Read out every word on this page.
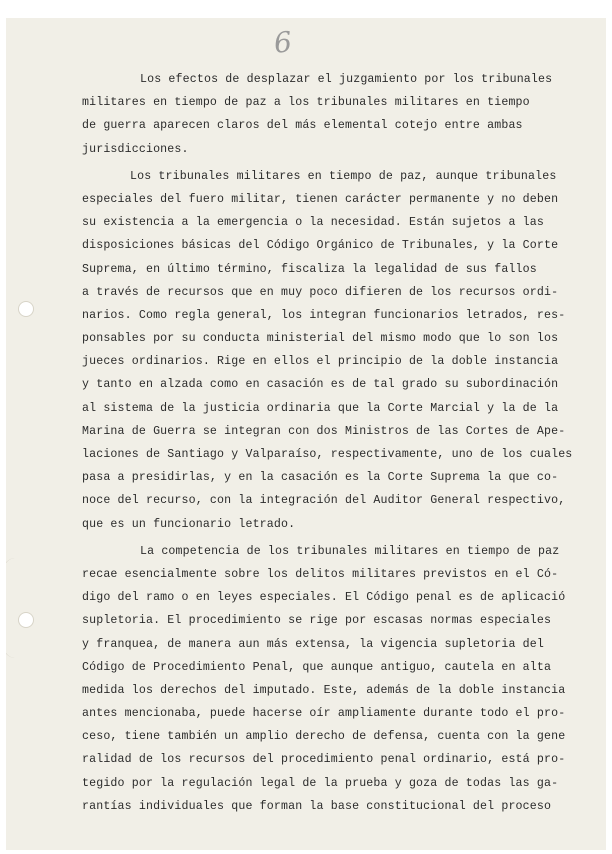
6
Los efectos de desplazar el juzgamiento por los tribunales
militares en tiempo de paz a los tribunales militares en tiempo
de guerra aparecen claros del más elemental cotejo entre ambas
jurisdicciones.
Los tribunales militares en tiempo de paz, aunque tribunales
especiales del fuero militar, tienen carácter permanente y no deben
su existencia a la emergencia o la necesidad. Están sujetos a las
disposiciones básicas del Código Orgánico de Tribunales, y la Corte
Suprema, en último término, fiscaliza la legalidad de sus fallos
a través de recursos que en muy poco difieren de los recursos ordi-
narios. Como regla general, los integran funcionarios letrados, res-
ponsables por su conducta ministerial del mismo modo que lo son los
jueces ordinarios. Rige en ellos el principio de la doble instancia
y tanto en alzada como en casación es de tal grado su subordinación
al sistema de la justicia ordinaria que la Corte Marcial y la de la
Marina de Guerra se integran con dos Ministros de las Cortes de Ape-
laciones de Santiago y Valparaíso, respectivamente, uno de los cuales
pasa a presidirlas, y en la casación es la Corte Suprema la que co-
noce del recurso, con la integración del Auditor General respectivo,
que es un funcionario letrado.
La competencia de los tribunales militares en tiempo de paz
recae esencialmente sobre los delitos militares previstos en el Có-
digo del ramo o en leyes especiales. El Código penal es de aplicació
supletoria. El procedimiento se rige por escasas normas especiales
y franquea, de manera aun más extensa, la vigencia supletoria del
Código de Procedimiento Penal, que aunque antiguo, cautela en alta
medida los derechos del imputado. Este, además de la doble instancia
antes mencionaba, puede hacerse oír ampliamente durante todo el pro-
ceso, tiene también un amplio derecho de defensa, cuenta con la gene
ralidad de los recursos del procedimiento penal ordinario, está pro-
tegido por la regulación legal de la prueba y goza de todas las ga-
rantías individuales que forman la base constitucional del proceso
